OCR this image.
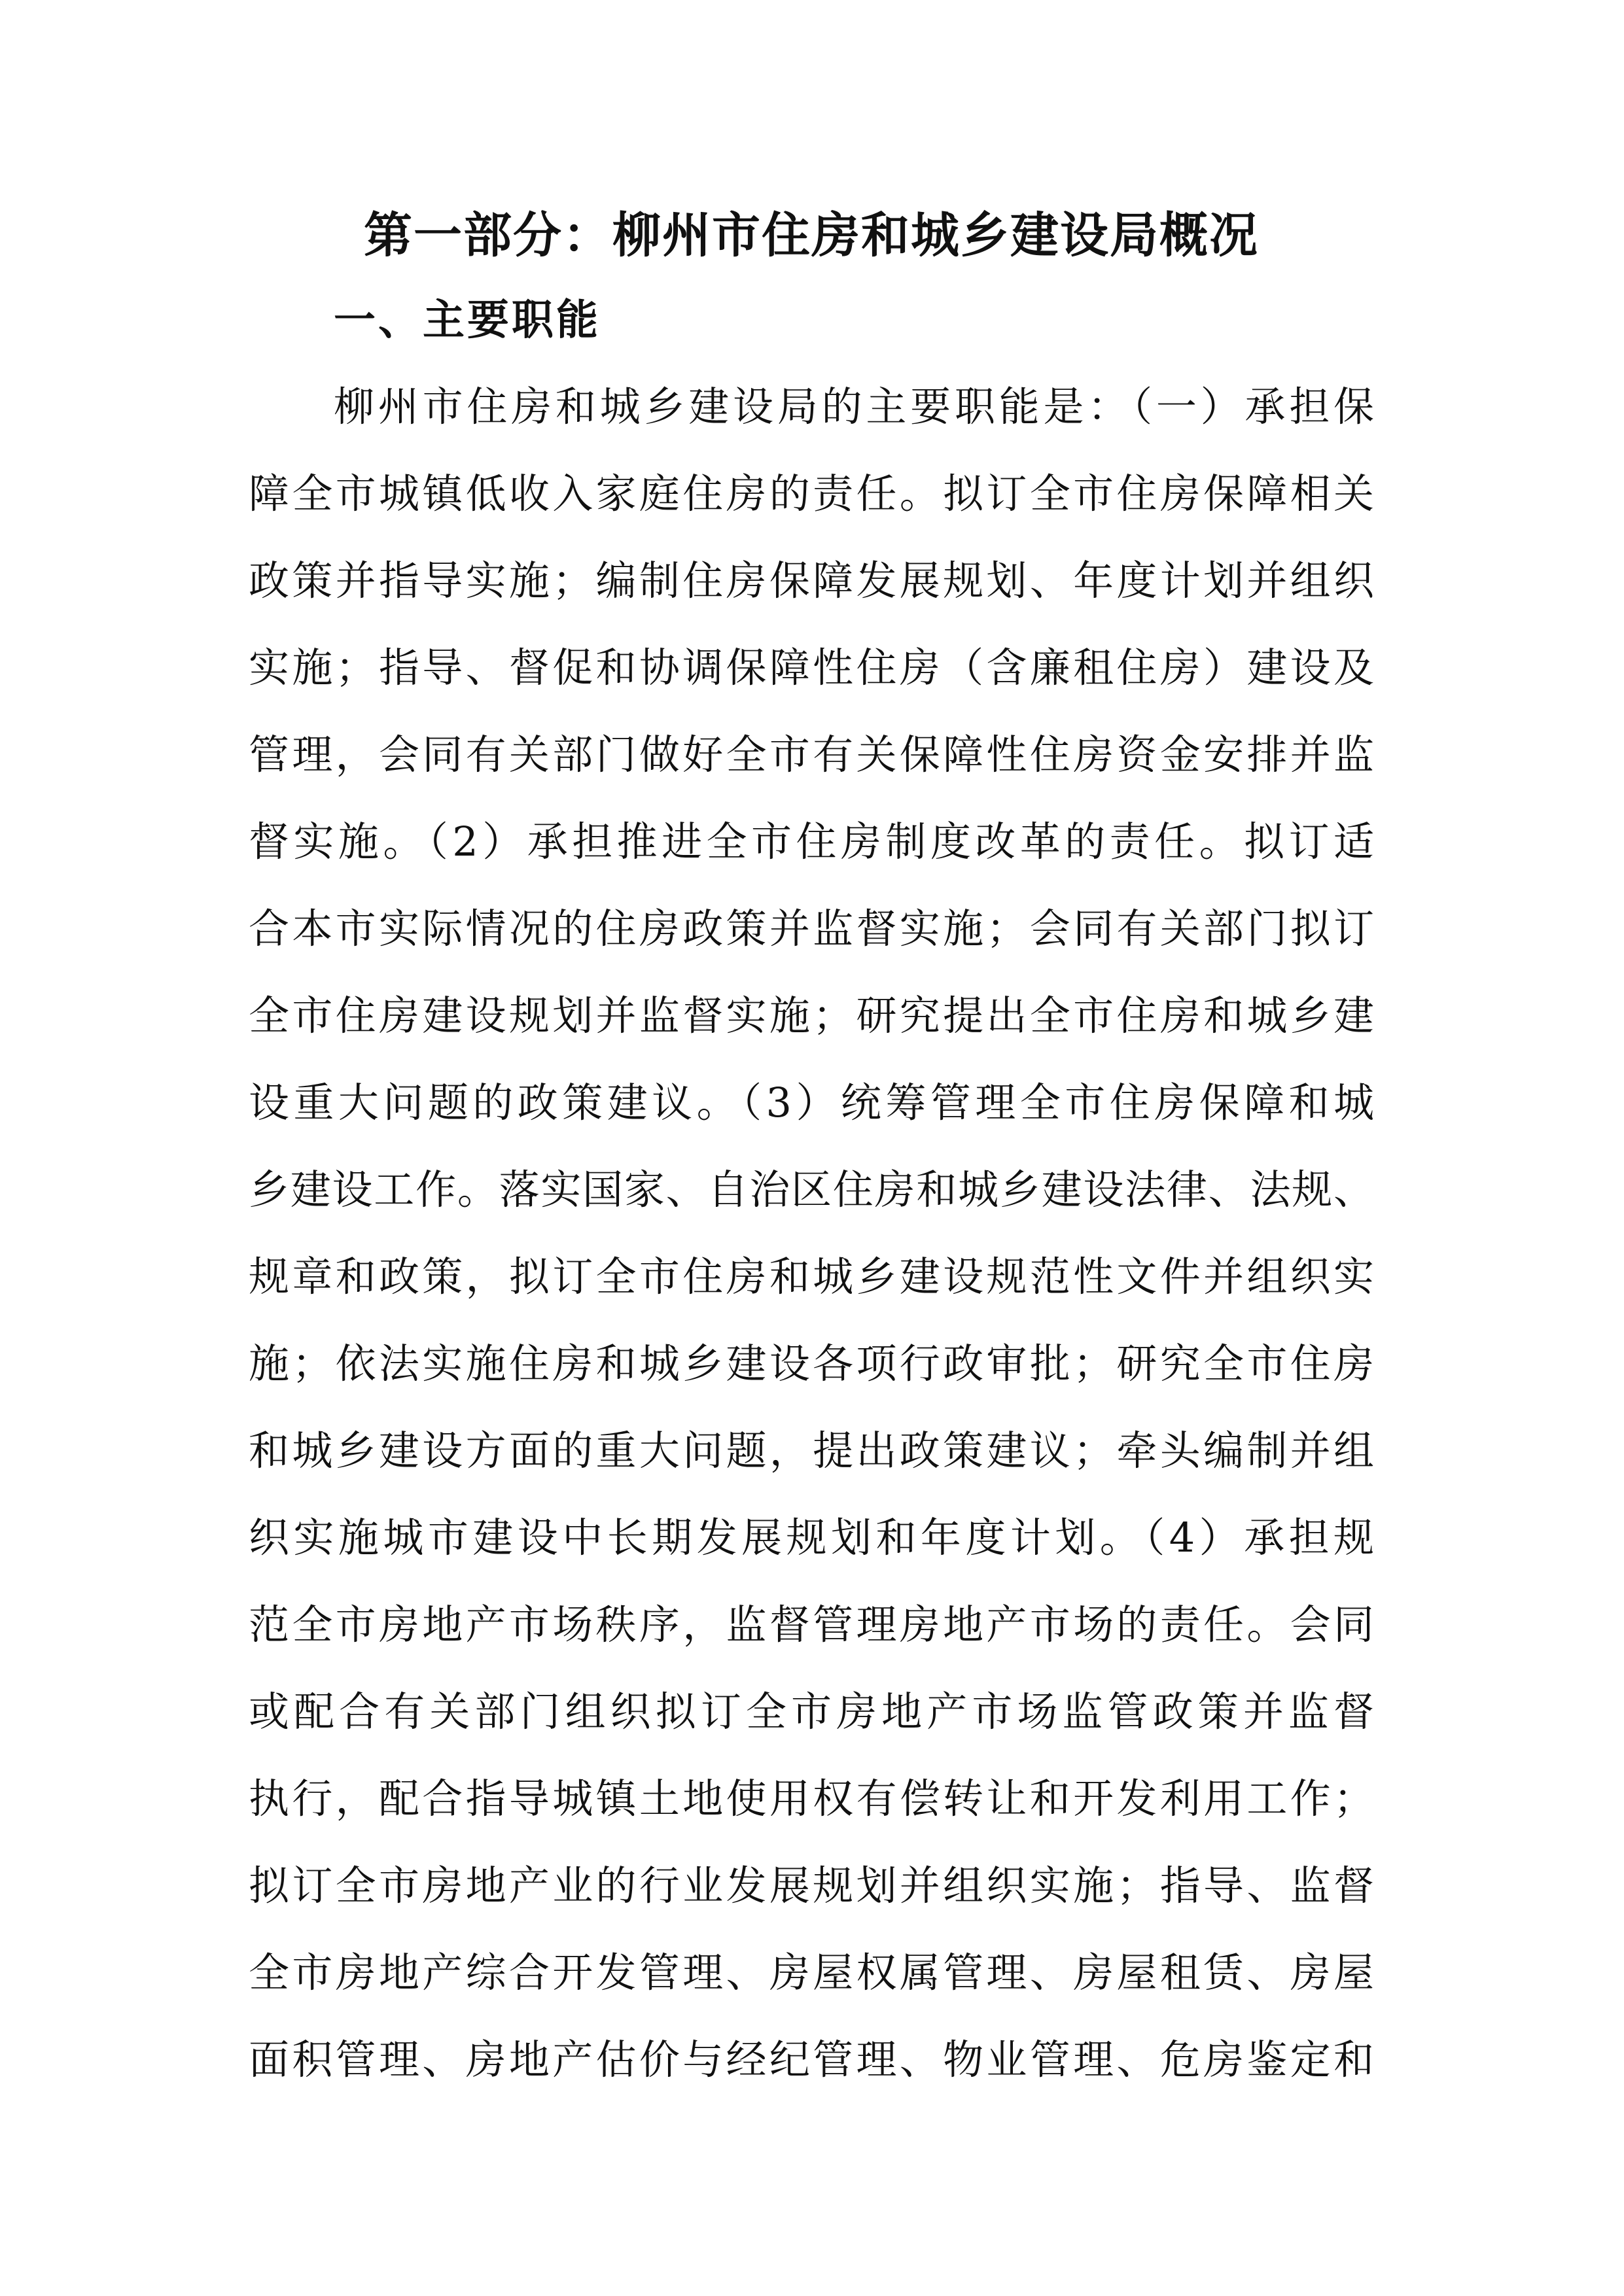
第一部分：柳州市住房和城乡建设局概况
一、主要职能
柳州市住房和城乡建设局的主要职能是：（一）承担保
障全市城镇低收入家庭住房的责任。拟订全市住房保障相关
政策并指导实施；编制住房保障发展规划、年度计划并组织
实施；指导、督促和协调保障性住房（含廉租住房）建设及
管理，会同有关部门做好全市有关保障性住房资金安排并监
督实施。（2）承担推进全市住房制度改革的责任。拟订适
合本市实际情况的住房政策并监督实施；会同有关部门拟订
全市住房建设规划并监督实施；研究提出全市住房和城乡建
设重大问题的政策建议。（3）统筹管理全市住房保障和城
乡建设工作。落实国家、自治区住房和城乡建设法律、法规、
规章和政策，拟订全市住房和城乡建设规范性文件并组织实
施；依法实施住房和城乡建设各项行政审批；研究全市住房
和城乡建设方面的重大问题，提出政策建议；牵头编制并组
织实施城市建设中长期发展规划和年度计划。（4）承担规
范全市房地产市场秩序，监督管理房地产市场的责任。会同
或配合有关部门组织拟订全市房地产市场监管政策并监督
执行，配合指导城镇土地使用权有偿转让和开发利用工作；
拟订全市房地产业的行业发展规划并组织实施；指导、监督
全市房地产综合开发管理、房屋权属管理、房屋租赁、房屋
面积管理、房地产估价与经纪管理、物业管理、危房鉴定和
